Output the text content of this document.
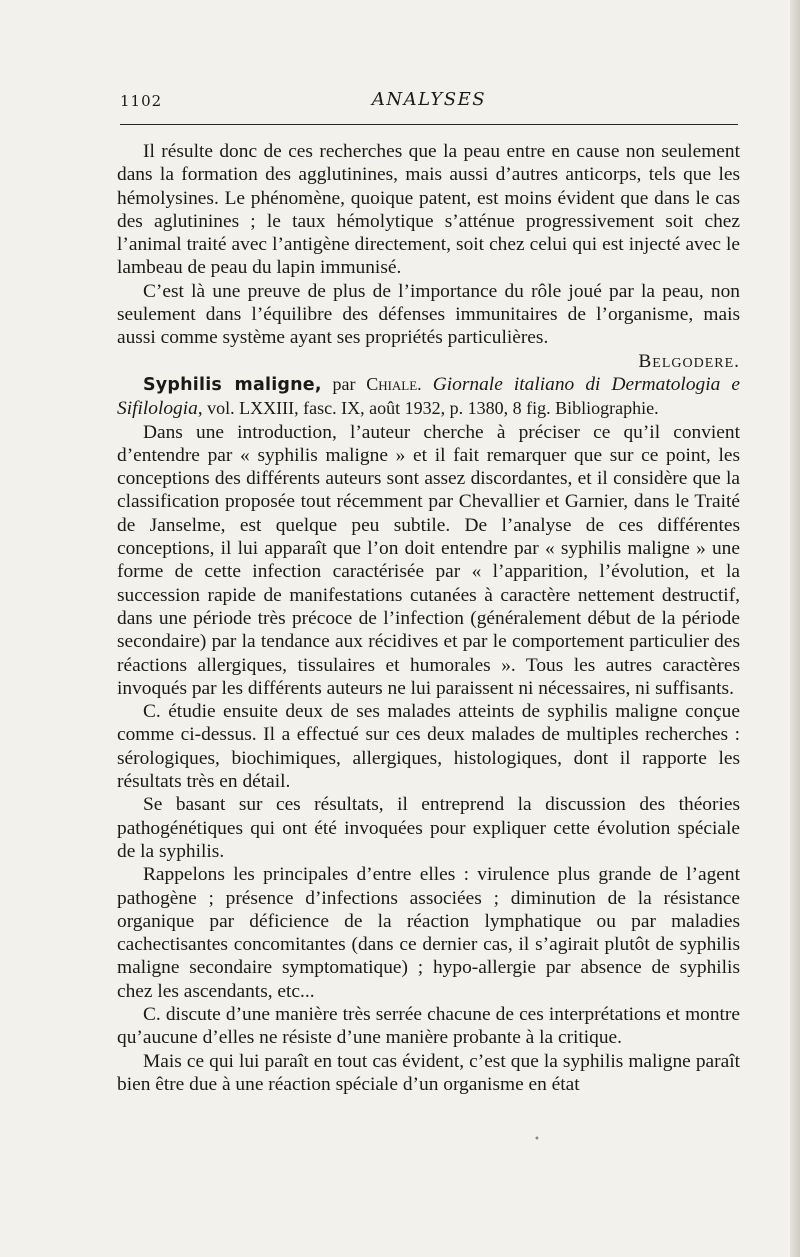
1102	ANALYSES

Il résulte donc de ces recherches que la peau entre en cause non seulement dans la formation des agglutinines, mais aussi d’autres anticorps, tels que les hémolysines. Le phénomène, quoique patent, est moins évident que dans le cas des aglutinines ; le taux hémolytique s’atténue progressivement soit chez l’animal traité avec l’antigène directement, soit chez celui qui est injecté avec le lambeau de peau du lapin immunisé.

C’est là une preuve de plus de l’importance du rôle joué par la peau, non seulement dans l’équilibre des défenses immunitaires de l’organisme, mais aussi comme système ayant ses propriétés particulières.

Belgodere.

Syphilis maligne, par Chiale. Giornale italiano di Dermatologia e Sifilologia, vol. LXXIII, fasc. IX, août 1932, p. 1380, 8 fig. Bibliographie.

Dans une introduction, l’auteur cherche à préciser ce qu’il convient d’entendre par « syphilis maligne » et il fait remarquer que sur ce point, les conceptions des différents auteurs sont assez discordantes, et il considère que la classification proposée tout récemment par Chevallier et Garnier, dans le Traité de Janselme, est quelque peu subtile. De l’analyse de ces différentes conceptions, il lui apparaît que l’on doit entendre par « syphilis maligne » une forme de cette infection caractérisée par « l’apparition, l’évolution, et la succession rapide de manifestations cutanées à caractère nettement destructif, dans une période très précoce de l’infection (généralement début de la période secondaire) par la tendance aux récidives et par le comportement particulier des réactions allergiques, tissulaires et humorales ». Tous les autres caractères invoqués par les différents auteurs ne lui paraissent ni nécessaires, ni suffisants.

C. étudie ensuite deux de ses malades atteints de syphilis maligne conçue comme ci-dessus. Il a effectué sur ces deux malades de multiples recherches : sérologiques, biochimiques, allergiques, histologiques, dont il rapporte les résultats très en détail.

Se basant sur ces résultats, il entreprend la discussion des théories pathogénétiques qui ont été invoquées pour expliquer cette évolution spéciale de la syphilis.

Rappelons les principales d’entre elles : virulence plus grande de l’agent pathogène ; présence d’infections associées ; diminution de la résistance organique par déficience de la réaction lymphatique ou par maladies cachectisantes concomitantes (dans ce dernier cas, il s’agirait plutôt de syphilis maligne secondaire symptomatique) ; hypo-allergie par absence de syphilis chez les ascendants, etc...

C. discute d’une manière très serrée chacune de ces interprétations et montre qu’aucune d’elles ne résiste d’une manière probante à la critique.

Mais ce qui lui paraît en tout cas évident, c’est que la syphilis maligne paraît bien être due à une réaction spéciale d’un organisme en état

•
